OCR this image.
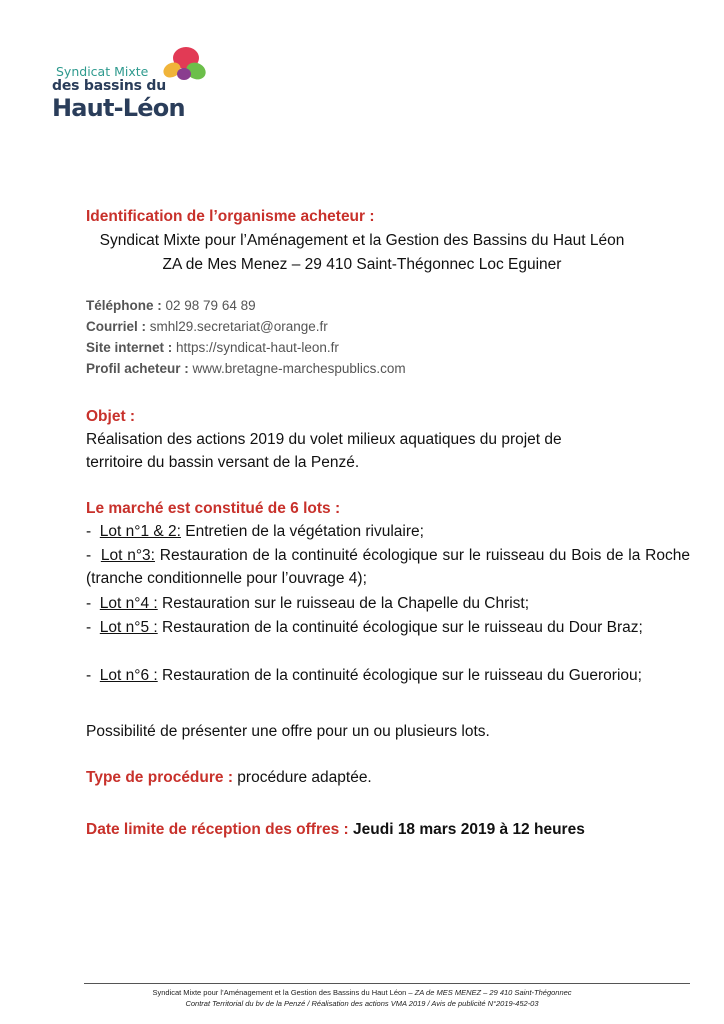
Syndicat Mixte
des bassins du
Haut-Léon
Identification de l’organisme acheteur :
Syndicat Mixte pour l’Aménagement et la Gestion des Bassins du Haut Léon
ZA de Mes Menez – 29 410 Saint-Thégonnec Loc Eguiner
Téléphone : 02 98 79 64 89
Courriel : smhl29.secretariat@orange.fr
Site internet : https://syndicat-haut-leon.fr
Profil acheteur : www.bretagne-marchespublics.com
Objet :
Réalisation des actions 2019 du volet milieux aquatiques du projet de
territoire du bassin versant de la Penzé.
Le marché est constitué de 6 lots :
- Lot n°1 & 2: Entretien de la végétation rivulaire;
- Lot n°3: Restauration de la continuité écologique sur le ruisseau du Bois de la Roche (tranche conditionnelle pour l’ouvrage 4);
- Lot n°4 : Restauration sur le ruisseau de la Chapelle du Christ;
- Lot n°5 : Restauration de la continuité écologique sur le ruisseau du Dour Braz;
- Lot n°6 : Restauration de la continuité écologique sur le ruisseau du Gueroriou;
Possibilité de présenter une offre pour un ou plusieurs lots.
Type de procédure : procédure adaptée.
Date limite de réception des offres : Jeudi 18 mars 2019 à 12 heures
Syndicat Mixte pour l’Aménagement et la Gestion des Bassins du Haut Léon – ZA de MES MENEZ – 29 410 Saint-Thégonnec
Contrat Territorial du bv de la Penzé / Réalisation des actions VMA 2019 / Avis de publicité N°2019-452-03
